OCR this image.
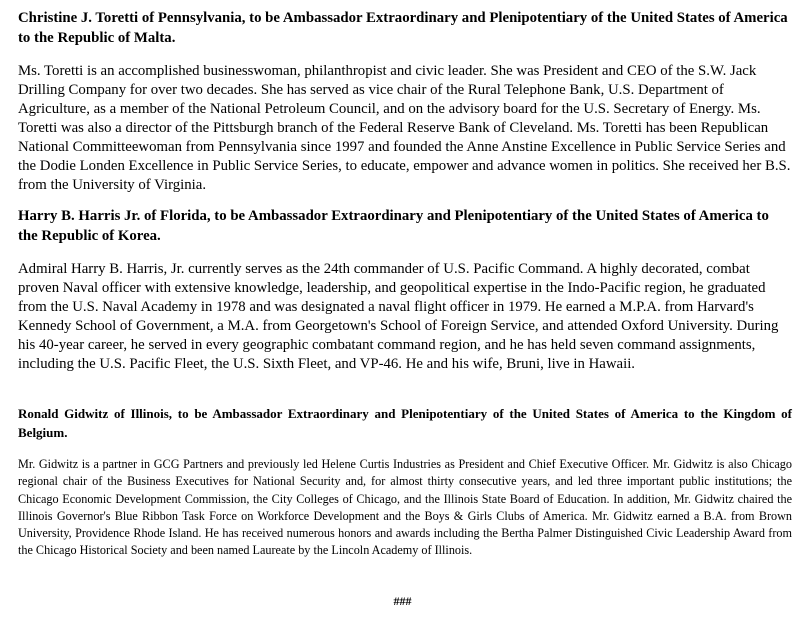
Christine J. Toretti of Pennsylvania, to be Ambassador Extraordinary and Plenipotentiary of the United States of America to the Republic of Malta.

Ms. Toretti is an accomplished businesswoman, philanthropist and civic leader. She was President and CEO of the S.W. Jack Drilling Company for over two decades. She has served as vice chair of the Rural Telephone Bank, U.S. Department of Agriculture, as a member of the National Petroleum Council, and on the advisory board for the U.S. Secretary of Energy. Ms. Toretti was also a director of the Pittsburgh branch of the Federal Reserve Bank of Cleveland. Ms. Toretti has been Republican National Committeewoman from Pennsylvania since 1997 and founded the Anne Anstine Excellence in Public Service Series and the Dodie Londen Excellence in Public Service Series, to educate, empower and advance women in politics. She received her B.S. from the University of Virginia.

Harry B. Harris Jr. of Florida, to be Ambassador Extraordinary and Plenipotentiary of the United States of America to the Republic of Korea.

Admiral Harry B. Harris, Jr. currently serves as the 24th commander of U.S. Pacific Command. A highly decorated, combat proven Naval officer with extensive knowledge, leadership, and geopolitical expertise in the Indo-Pacific region, he graduated from the U.S. Naval Academy in 1978 and was designated a naval flight officer in 1979. He earned a M.P.A. from Harvard's Kennedy School of Government, a M.A. from Georgetown's School of Foreign Service, and attended Oxford University. During his 40-year career, he served in every geographic combatant command region, and he has held seven command assignments, including the U.S. Pacific Fleet, the U.S. Sixth Fleet, and VP-46. He and his wife, Bruni, live in Hawaii.

Ronald Gidwitz of Illinois, to be Ambassador Extraordinary and Plenipotentiary of the United States of America to the Kingdom of Belgium.

Mr. Gidwitz is a partner in GCG Partners and previously led Helene Curtis Industries as President and Chief Executive Officer. Mr. Gidwitz is also Chicago regional chair of the Business Executives for National Security and, for almost thirty consecutive years, and led three important public institutions; the Chicago Economic Development Commission, the City Colleges of Chicago, and the Illinois State Board of Education. In addition, Mr. Gidwitz chaired the Illinois Governor's Blue Ribbon Task Force on Workforce Development and the Boys & Girls Clubs of America. Mr. Gidwitz earned a B.A. from Brown University, Providence Rhode Island. He has received numerous honors and awards including the Bertha Palmer Distinguished Civic Leadership Award from the Chicago Historical Society and been named Laureate by the Lincoln Academy of Illinois.

###
